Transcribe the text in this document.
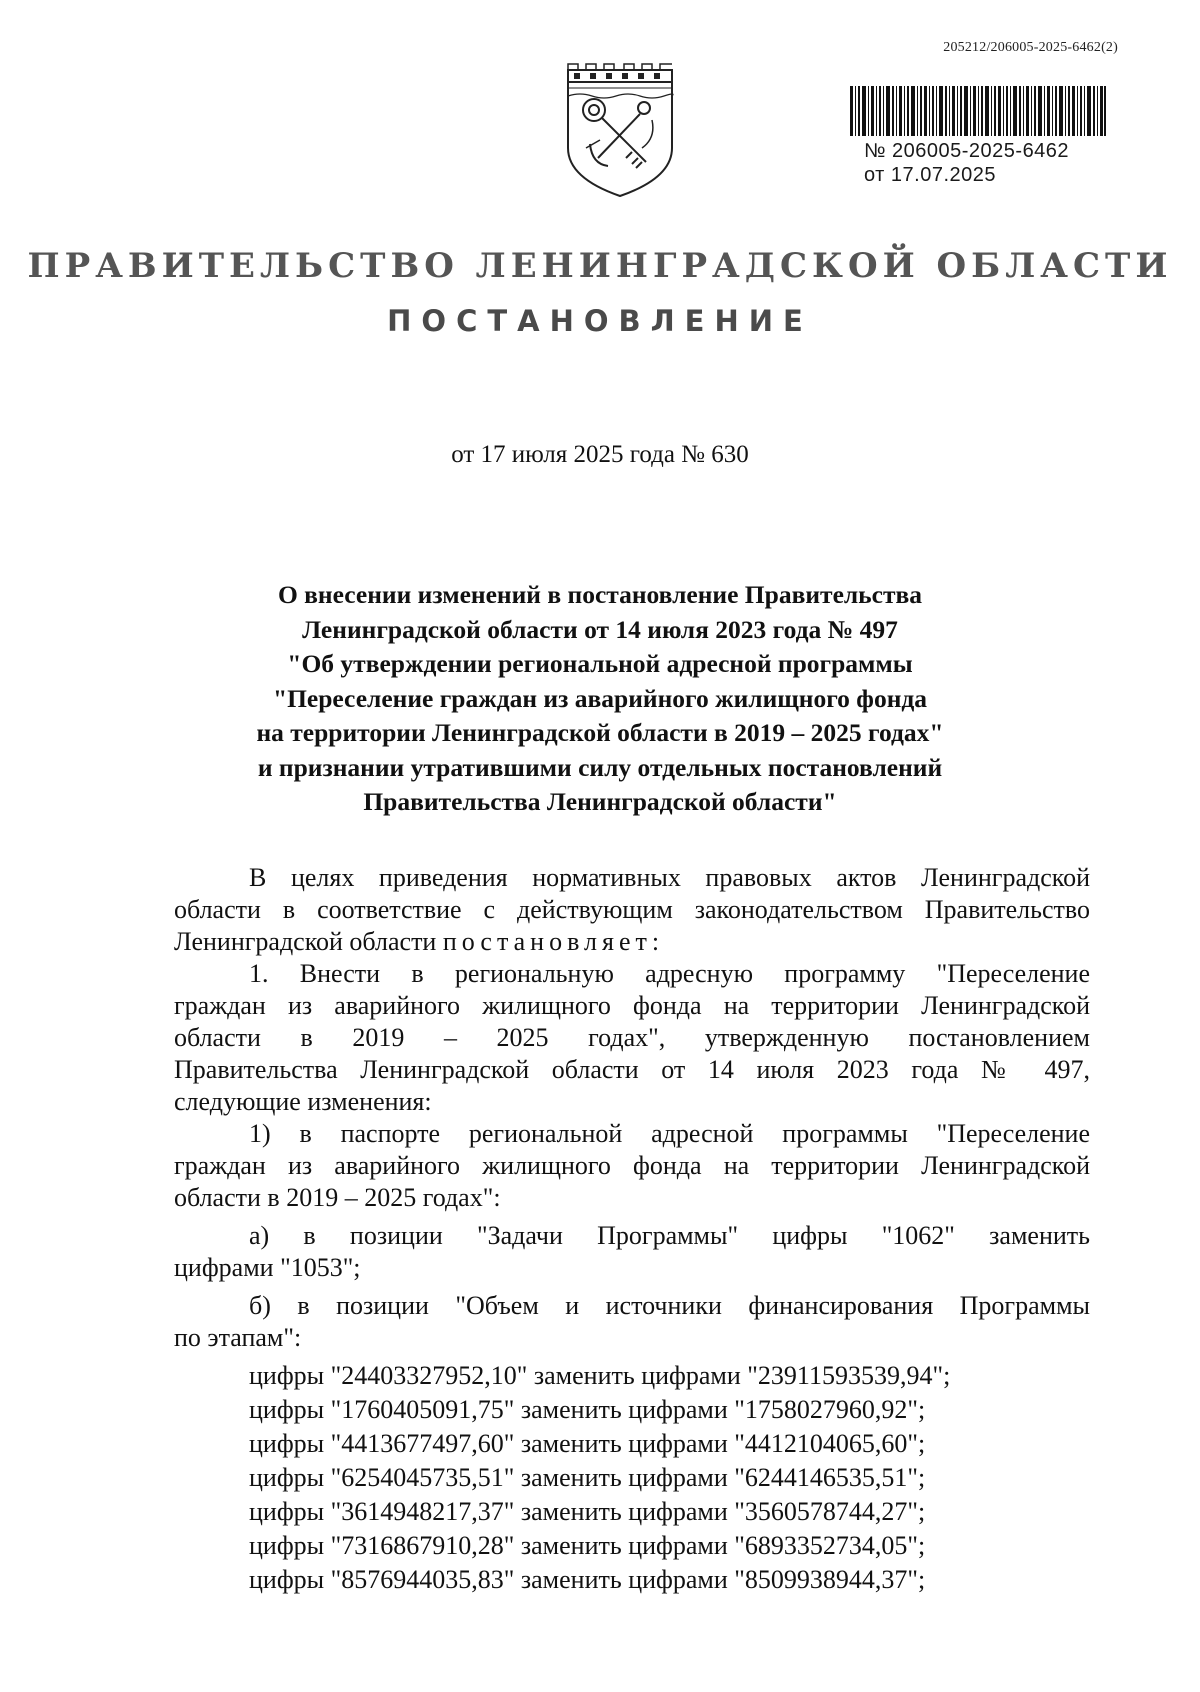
205212/206005-2025-6462(2)
№ 206005-2025-6462
от 17.07.2025
ПРАВИТЕЛЬСТВО ЛЕНИНГРАДСКОЙ ОБЛАСТИ
ПОСТАНОВЛЕНИЕ
от 17 июля 2025 года № 630
О внесении изменений в постановление Правительства
Ленинградской области от 14 июля 2023 года № 497
"Об утверждении региональной адресной программы
"Переселение граждан из аварийного жилищного фонда
на территории Ленинградской области в 2019 – 2025 годах"
и признании утратившими силу отдельных постановлений
Правительства Ленинградской области"
В целях приведения нормативных правовых актов Ленинградской
области в соответствие с действующим законодательством Правительство
Ленинградской области постановляет:
1. Внести в региональную адресную программу "Переселение
граждан из аварийного жилищного фонда на территории Ленинградской
области в 2019 – 2025 годах", утвержденную постановлением
Правительства Ленинградской области от 14 июля 2023 года № 497,
следующие изменения:
1) в паспорте региональной адресной программы "Переселение
граждан из аварийного жилищного фонда на территории Ленинградской
области в 2019 – 2025 годах":
а) в позиции "Задачи Программы" цифры "1062" заменить
цифрами "1053";
б) в позиции "Объем и источники финансирования Программы
по этапам":
цифры "24403327952,10" заменить цифрами "23911593539,94";
цифры "1760405091,75" заменить цифрами "1758027960,92";
цифры "4413677497,60" заменить цифрами "4412104065,60";
цифры "6254045735,51" заменить цифрами "6244146535,51";
цифры "3614948217,37" заменить цифрами "3560578744,27";
цифры "7316867910,28" заменить цифрами "6893352734,05";
цифры "8576944035,83" заменить цифрами "8509938944,37";
